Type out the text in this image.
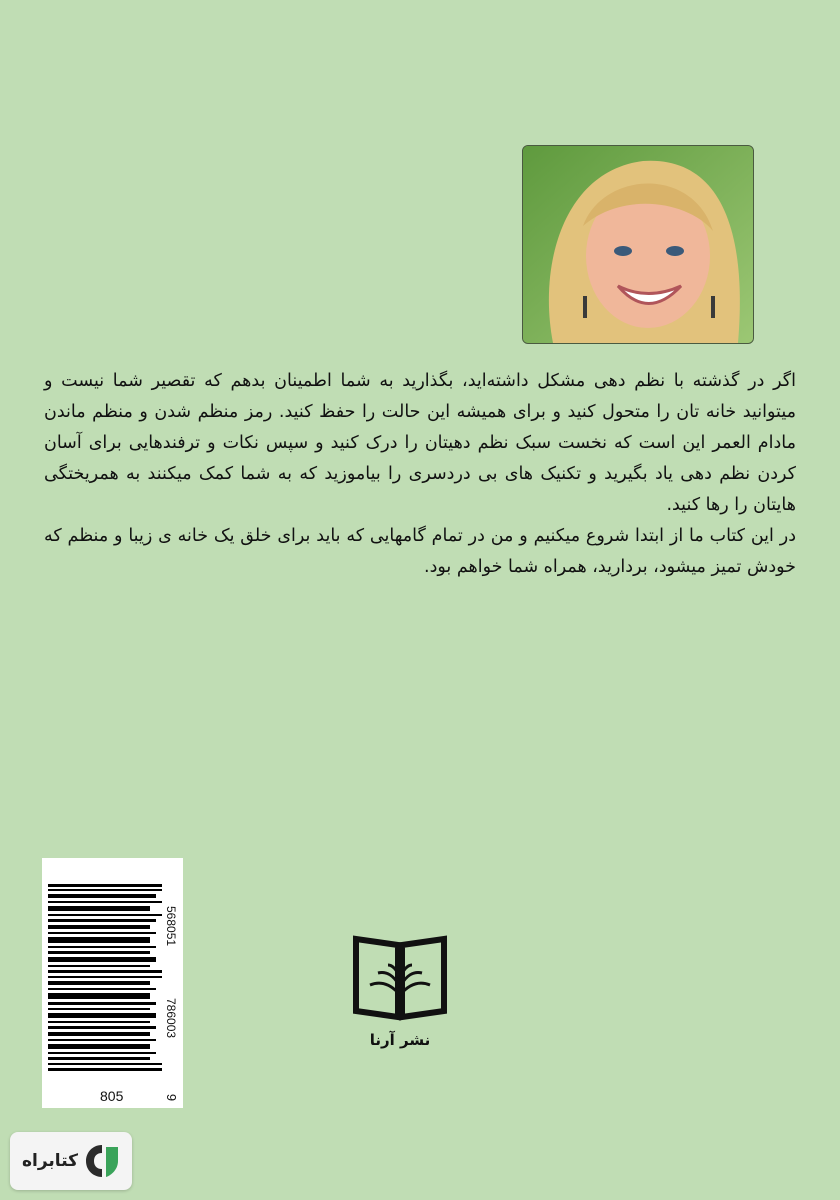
اگر در گذشته با نظم دهی مشکل داشته‌اید، بگذارید به شما اطمینان بدهم که تقصیر شما نیست و میتوانید خانه تان را متحول کنید و برای همیشه این حالت را حفظ کنید. رمز منظم شدن و منظم ماندن مادام العمر این است که نخست سبک نظم دهیتان را درک کنید و سپس نکات و ترفندهایی برای آسان کردن نظم دهی یاد بگیرید و تکنیک های بی دردسری را بیاموزید که به شما کمک میکنند به همریختگی هایتان را رها کنید.

در این کتاب ما از ابتدا شروع میکنیم و من در تمام گامهایی که باید برای خلق یک خانه ی زیبا و منظم که خودش تمیز میشود، بردارید، همراه شما خواهم بود.

568051
786003
805	9
نشر آرنا
کتابراه
